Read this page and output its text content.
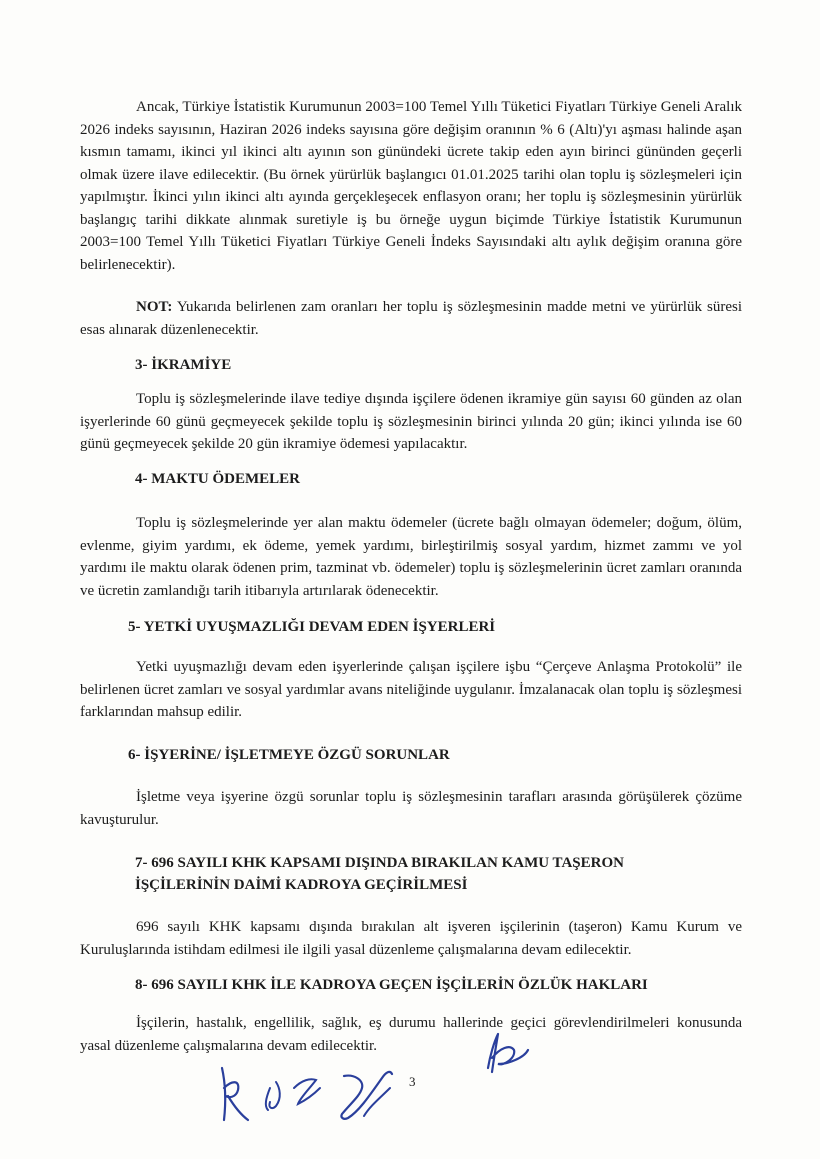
Ancak, Türkiye İstatistik Kurumunun 2003=100 Temel Yıllı Tüketici Fiyatları Türkiye Geneli Aralık 2026 indeks sayısının, Haziran 2026 indeks sayısına göre değişim oranının % 6 (Altı)'yı aşması halinde aşan kısmın tamamı, ikinci yıl ikinci altı ayının son günündeki ücrete takip eden ayın birinci gününden geçerli olmak üzere ilave edilecektir. (Bu örnek yürürlük başlangıcı 01.01.2025 tarihi olan toplu iş sözleşmeleri için yapılmıştır. İkinci yılın ikinci altı ayında gerçekleşecek enflasyon oranı; her toplu iş sözleşmesinin yürürlük başlangıç tarihi dikkate alınmak suretiyle iş bu örneğe uygun biçimde Türkiye İstatistik Kurumunun 2003=100 Temel Yıllı Tüketici Fiyatları Türkiye Geneli İndeks Sayısındaki altı aylık değişim oranına göre belirlenecektir).

NOT: Yukarıda belirlenen zam oranları her toplu iş sözleşmesinin madde metni ve yürürlük süresi esas alınarak düzenlenecektir.

3- İKRAMİYE

Toplu iş sözleşmelerinde ilave tediye dışında işçilere ödenen ikramiye gün sayısı 60 günden az olan işyerlerinde 60 günü geçmeyecek şekilde toplu iş sözleşmesinin birinci yılında 20 gün; ikinci yılında ise 60 günü geçmeyecek şekilde 20 gün ikramiye ödemesi yapılacaktır.

4- MAKTU ÖDEMELER

Toplu iş sözleşmelerinde yer alan maktu ödemeler (ücrete bağlı olmayan ödemeler; doğum, ölüm, evlenme, giyim yardımı, ek ödeme, yemek yardımı, birleştirilmiş sosyal yardım, hizmet zammı ve yol yardımı ile maktu olarak ödenen prim, tazminat vb. ödemeler) toplu iş sözleşmelerinin ücret zamları oranında ve ücretin zamlandığı tarih itibarıyla artırılarak ödenecektir.

5- YETKİ UYUŞMAZLIĞI DEVAM EDEN İŞYERLERİ

Yetki uyuşmazlığı devam eden işyerlerinde çalışan işçilere işbu “Çerçeve Anlaşma Protokolü” ile belirlenen ücret zamları ve sosyal yardımlar avans niteliğinde uygulanır. İmzalanacak olan toplu iş sözleşmesi farklarından mahsup edilir.

6- İŞYERİNE/ İŞLETMEYE ÖZGÜ SORUNLAR

İşletme veya işyerine özgü sorunlar toplu iş sözleşmesinin tarafları arasında görüşülerek çözüme kavuşturulur.

7- 696 SAYILI KHK KAPSAMI DIŞINDA BIRAKILAN KAMU TAŞERON
İŞÇİLERİNİN DAİMİ KADROYA GEÇİRİLMESİ

696 sayılı KHK kapsamı dışında bırakılan alt işveren işçilerinin (taşeron) Kamu Kurum ve Kuruluşlarında istihdam edilmesi ile ilgili yasal düzenleme çalışmalarına devam edilecektir.

8- 696 SAYILI KHK İLE KADROYA GEÇEN İŞÇİLERİN ÖZLÜK HAKLARI

İşçilerin, hastalık, engellilik, sağlık, eş durumu hallerinde geçici görevlendirilmeleri konusunda yasal düzenleme çalışmalarına devam edilecektir.

3
